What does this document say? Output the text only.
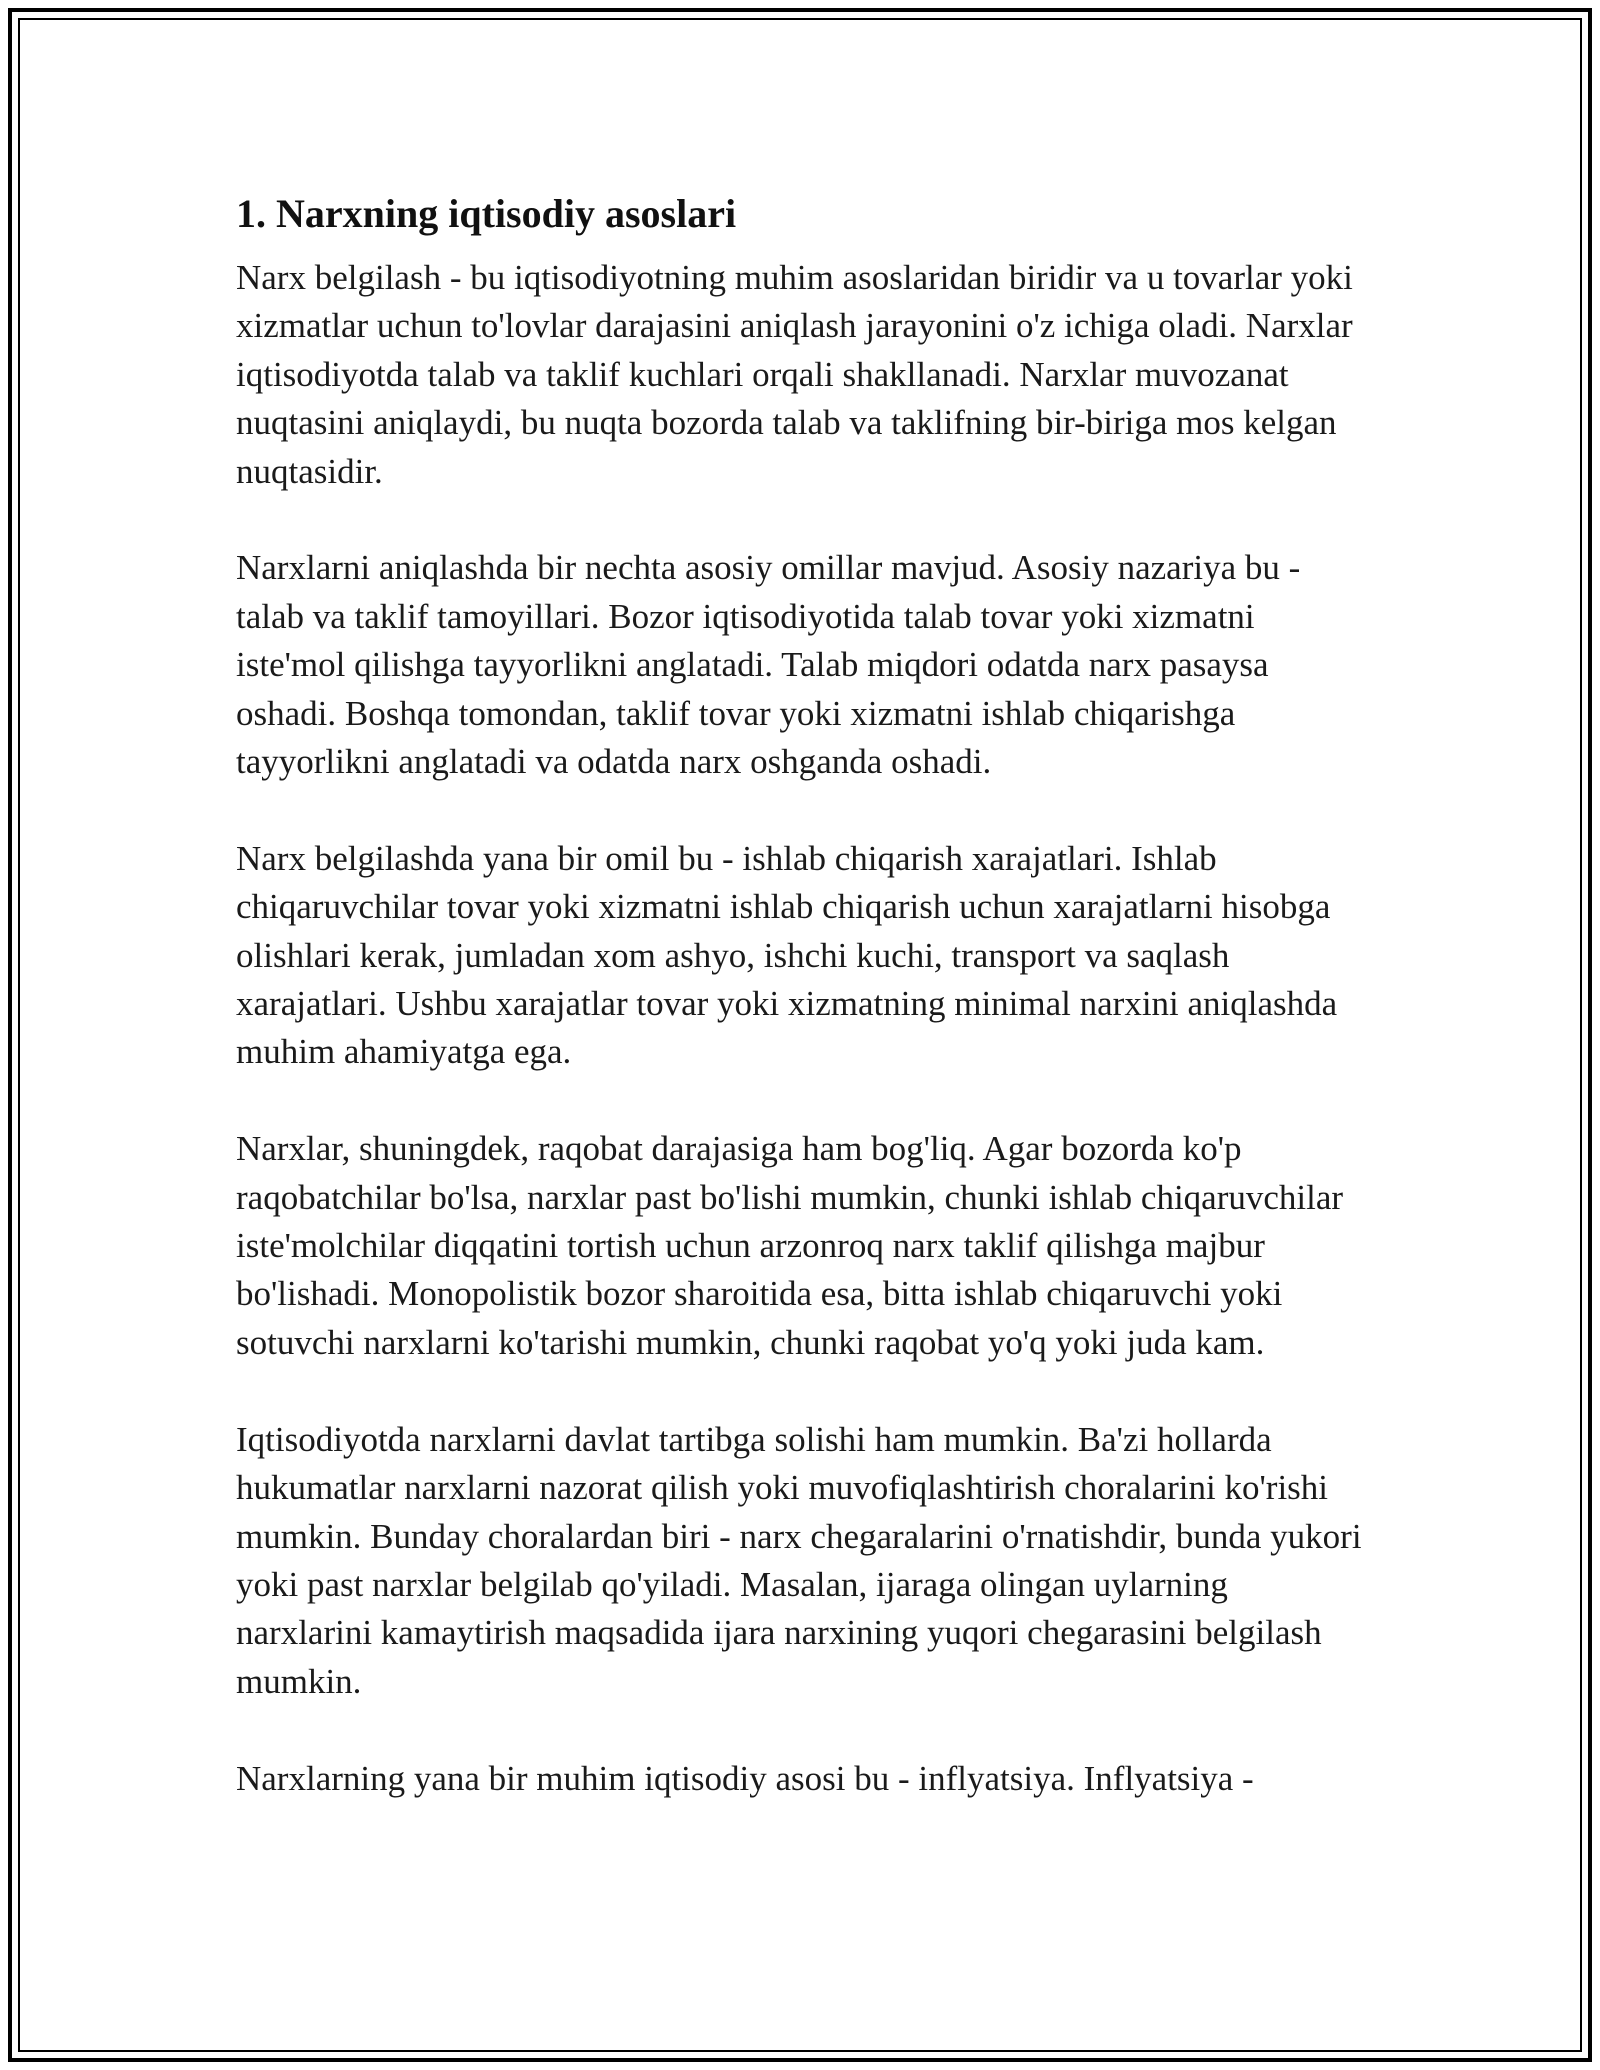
1. Narxning iqtisodiy asoslari

Narx belgilash - bu iqtisodiyotning muhim asoslaridan biridir va u tovarlar yoki xizmatlar uchun to'lovlar darajasini aniqlash jarayonini o'z ichiga oladi. Narxlar iqtisodiyotda talab va taklif kuchlari orqali shakllanadi. Narxlar muvozanat nuqtasini aniqlaydi, bu nuqta bozorda talab va taklifning bir-biriga mos kelgan nuqtasidir.

Narxlarni aniqlashda bir nechta asosiy omillar mavjud. Asosiy nazariya bu - talab va taklif tamoyillari. Bozor iqtisodiyotida talab tovar yoki xizmatni iste'mol qilishga tayyorlikni anglatadi. Talab miqdori odatda narx pasaysa oshadi. Boshqa tomondan, taklif tovar yoki xizmatni ishlab chiqarishga tayyorlikni anglatadi va odatda narx oshganda oshadi.

Narx belgilashda yana bir omil bu - ishlab chiqarish xarajatlari. Ishlab chiqaruvchilar tovar yoki xizmatni ishlab chiqarish uchun xarajatlarni hisobga olishlari kerak, jumladan xom ashyo, ishchi kuchi, transport va saqlash xarajatlari. Ushbu xarajatlar tovar yoki xizmatning minimal narxini aniqlashda muhim ahamiyatga ega.

Narxlar, shuningdek, raqobat darajasiga ham bog'liq. Agar bozorda ko'p raqobatchilar bo'lsa, narxlar past bo'lishi mumkin, chunki ishlab chiqaruvchilar iste'molchilar diqqatini tortish uchun arzonroq narx taklif qilishga majbur bo'lishadi. Monopolistik bozor sharoitida esa, bitta ishlab chiqaruvchi yoki sotuvchi narxlarni ko'tarishi mumkin, chunki raqobat yo'q yoki juda kam.

Iqtisodiyotda narxlarni davlat tartibga solishi ham mumkin. Ba'zi hollarda hukumatlar narxlarni nazorat qilish yoki muvofiqlashtirish choralarini ko'rishi mumkin. Bunday choralardan biri - narx chegaralarini o'rnatishdir, bunda yukori yoki past narxlar belgilab qo'yiladi. Masalan, ijaraga olingan uylarning narxlarini kamaytirish maqsadida ijara narxining yuqori chegarasini belgilash mumkin.

Narxlarning yana bir muhim iqtisodiy asosi bu - inflyatsiya. Inflyatsiya -
